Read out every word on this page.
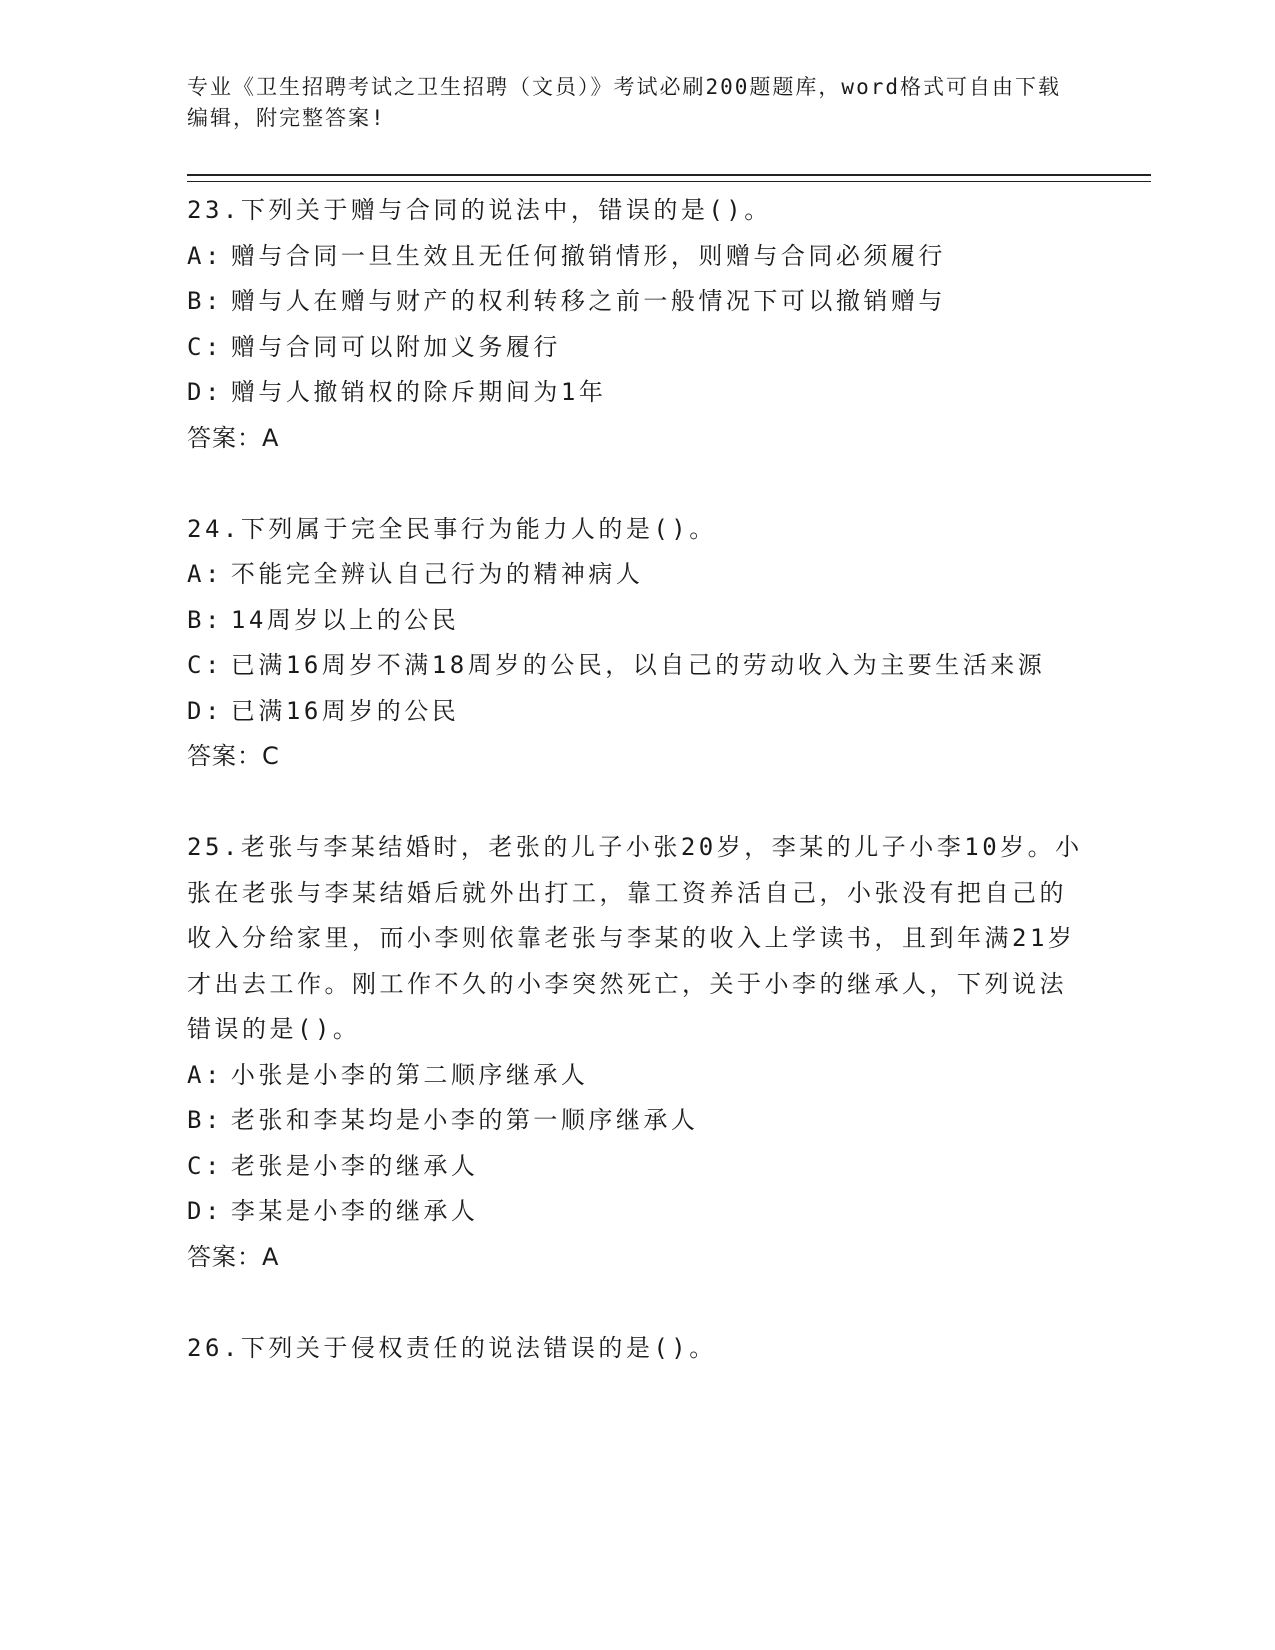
专业《卫生招聘考试之卫生招聘（文员）》考试必刷200题题库，word格式可自由下载编辑，附完整答案!
23.下列关于赠与合同的说法中，错误的是()。
A: 赠与合同一旦生效且无任何撤销情形，则赠与合同必须履行
B: 赠与人在赠与财产的权利转移之前一般情况下可以撤销赠与
C: 赠与合同可以附加义务履行
D: 赠与人撤销权的除斥期间为1年
答案：A
24.下列属于完全民事行为能力人的是()。
A: 不能完全辨认自己行为的精神病人
B: 14周岁以上的公民
C: 已满16周岁不满18周岁的公民，以自己的劳动收入为主要生活来源
D: 已满16周岁的公民
答案：C
25.老张与李某结婚时，老张的儿子小张20岁，李某的儿子小李10岁。小张在老张与李某结婚后就外出打工，靠工资养活自己，小张没有把自己的收入分给家里，而小李则依靠老张与李某的收入上学读书，且到年满21岁才出去工作。刚工作不久的小李突然死亡，关于小李的继承人，下列说法错误的是()。
A: 小张是小李的第二顺序继承人
B: 老张和李某均是小李的第一顺序继承人
C: 老张是小李的继承人
D: 李某是小李的继承人
答案：A
26.下列关于侵权责任的说法错误的是()。
